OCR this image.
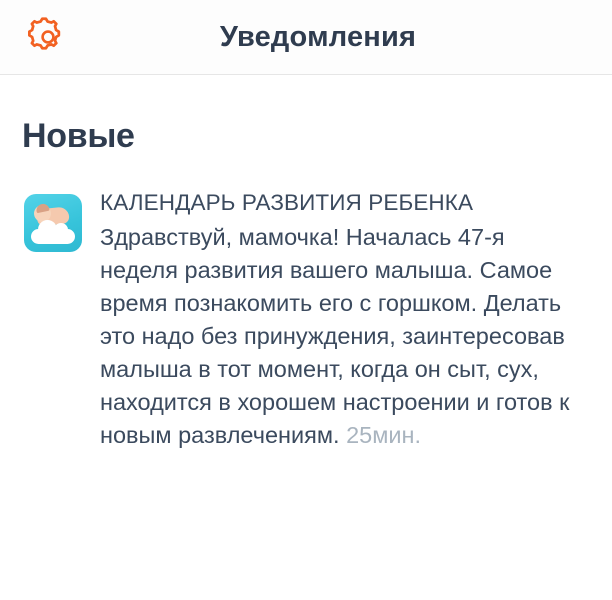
Уведомления
Новые
КАЛЕНДАРЬ РАЗВИТИЯ РЕБЕНКА
Здравствуй, мамочка! Началась 47-я неделя развития вашего малыша. Самое время познакомить его с горшком. Делать это надо без принуждения, заинтересовав малыша в тот момент, когда он сыт, сух, находится в хорошем настроении и готов к новым развлечениям. 25мин.
